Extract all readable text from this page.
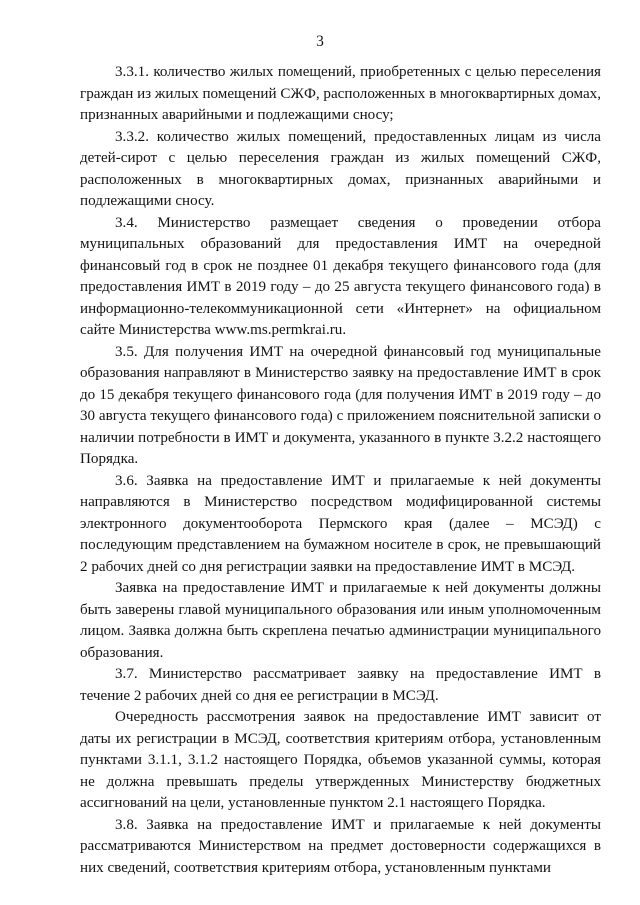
3

3.3.1. количество жилых помещений, приобретенных с целью переселения граждан из жилых помещений СЖФ, расположенных в многоквартирных домах, признанных аварийными и подлежащими сносу;

3.3.2. количество жилых помещений, предоставленных лицам из числа детей-сирот с целью переселения граждан из жилых помещений СЖФ, расположенных в многоквартирных домах, признанных аварийными и подлежащими сносу.

3.4. Министерство размещает сведения о проведении отбора муниципальных образований для предоставления ИМТ на очередной финансовый год в срок не позднее 01 декабря текущего финансового года (для предоставления ИМТ в 2019 году – до 25 августа текущего финансового года) в информационно-телекоммуникационной сети «Интернет» на официальном сайте Министерства www.ms.permkrai.ru.

3.5. Для получения ИМТ на очередной финансовый год муниципальные образования направляют в Министерство заявку на предоставление ИМТ в срок до 15 декабря текущего финансового года (для получения ИМТ в 2019 году – до 30 августа текущего финансового года) с приложением пояснительной записки о наличии потребности в ИМТ и документа, указанного в пункте 3.2.2 настоящего Порядка.

3.6. Заявка на предоставление ИМТ и прилагаемые к ней документы направляются в Министерство посредством модифицированной системы электронного документооборота Пермского края (далее – МСЭД) с последующим представлением на бумажном носителе в срок, не превышающий 2 рабочих дней со дня регистрации заявки на предоставление ИМТ в МСЭД.

Заявка на предоставление ИМТ и прилагаемые к ней документы должны быть заверены главой муниципального образования или иным уполномоченным лицом. Заявка должна быть скреплена печатью администрации муниципального образования.

3.7. Министерство рассматривает заявку на предоставление ИМТ в течение 2 рабочих дней со дня ее регистрации в МСЭД.

Очередность рассмотрения заявок на предоставление ИМТ зависит от даты их регистрации в МСЭД, соответствия критериям отбора, установленным пунктами 3.1.1, 3.1.2 настоящего Порядка, объемов указанной суммы, которая не должна превышать пределы утвержденных Министерству бюджетных ассигнований на цели, установленные пунктом 2.1 настоящего Порядка.

3.8. Заявка на предоставление ИМТ и прилагаемые к ней документы рассматриваются Министерством на предмет достоверности содержащихся в них сведений, соответствия критериям отбора, установленным пунктами
